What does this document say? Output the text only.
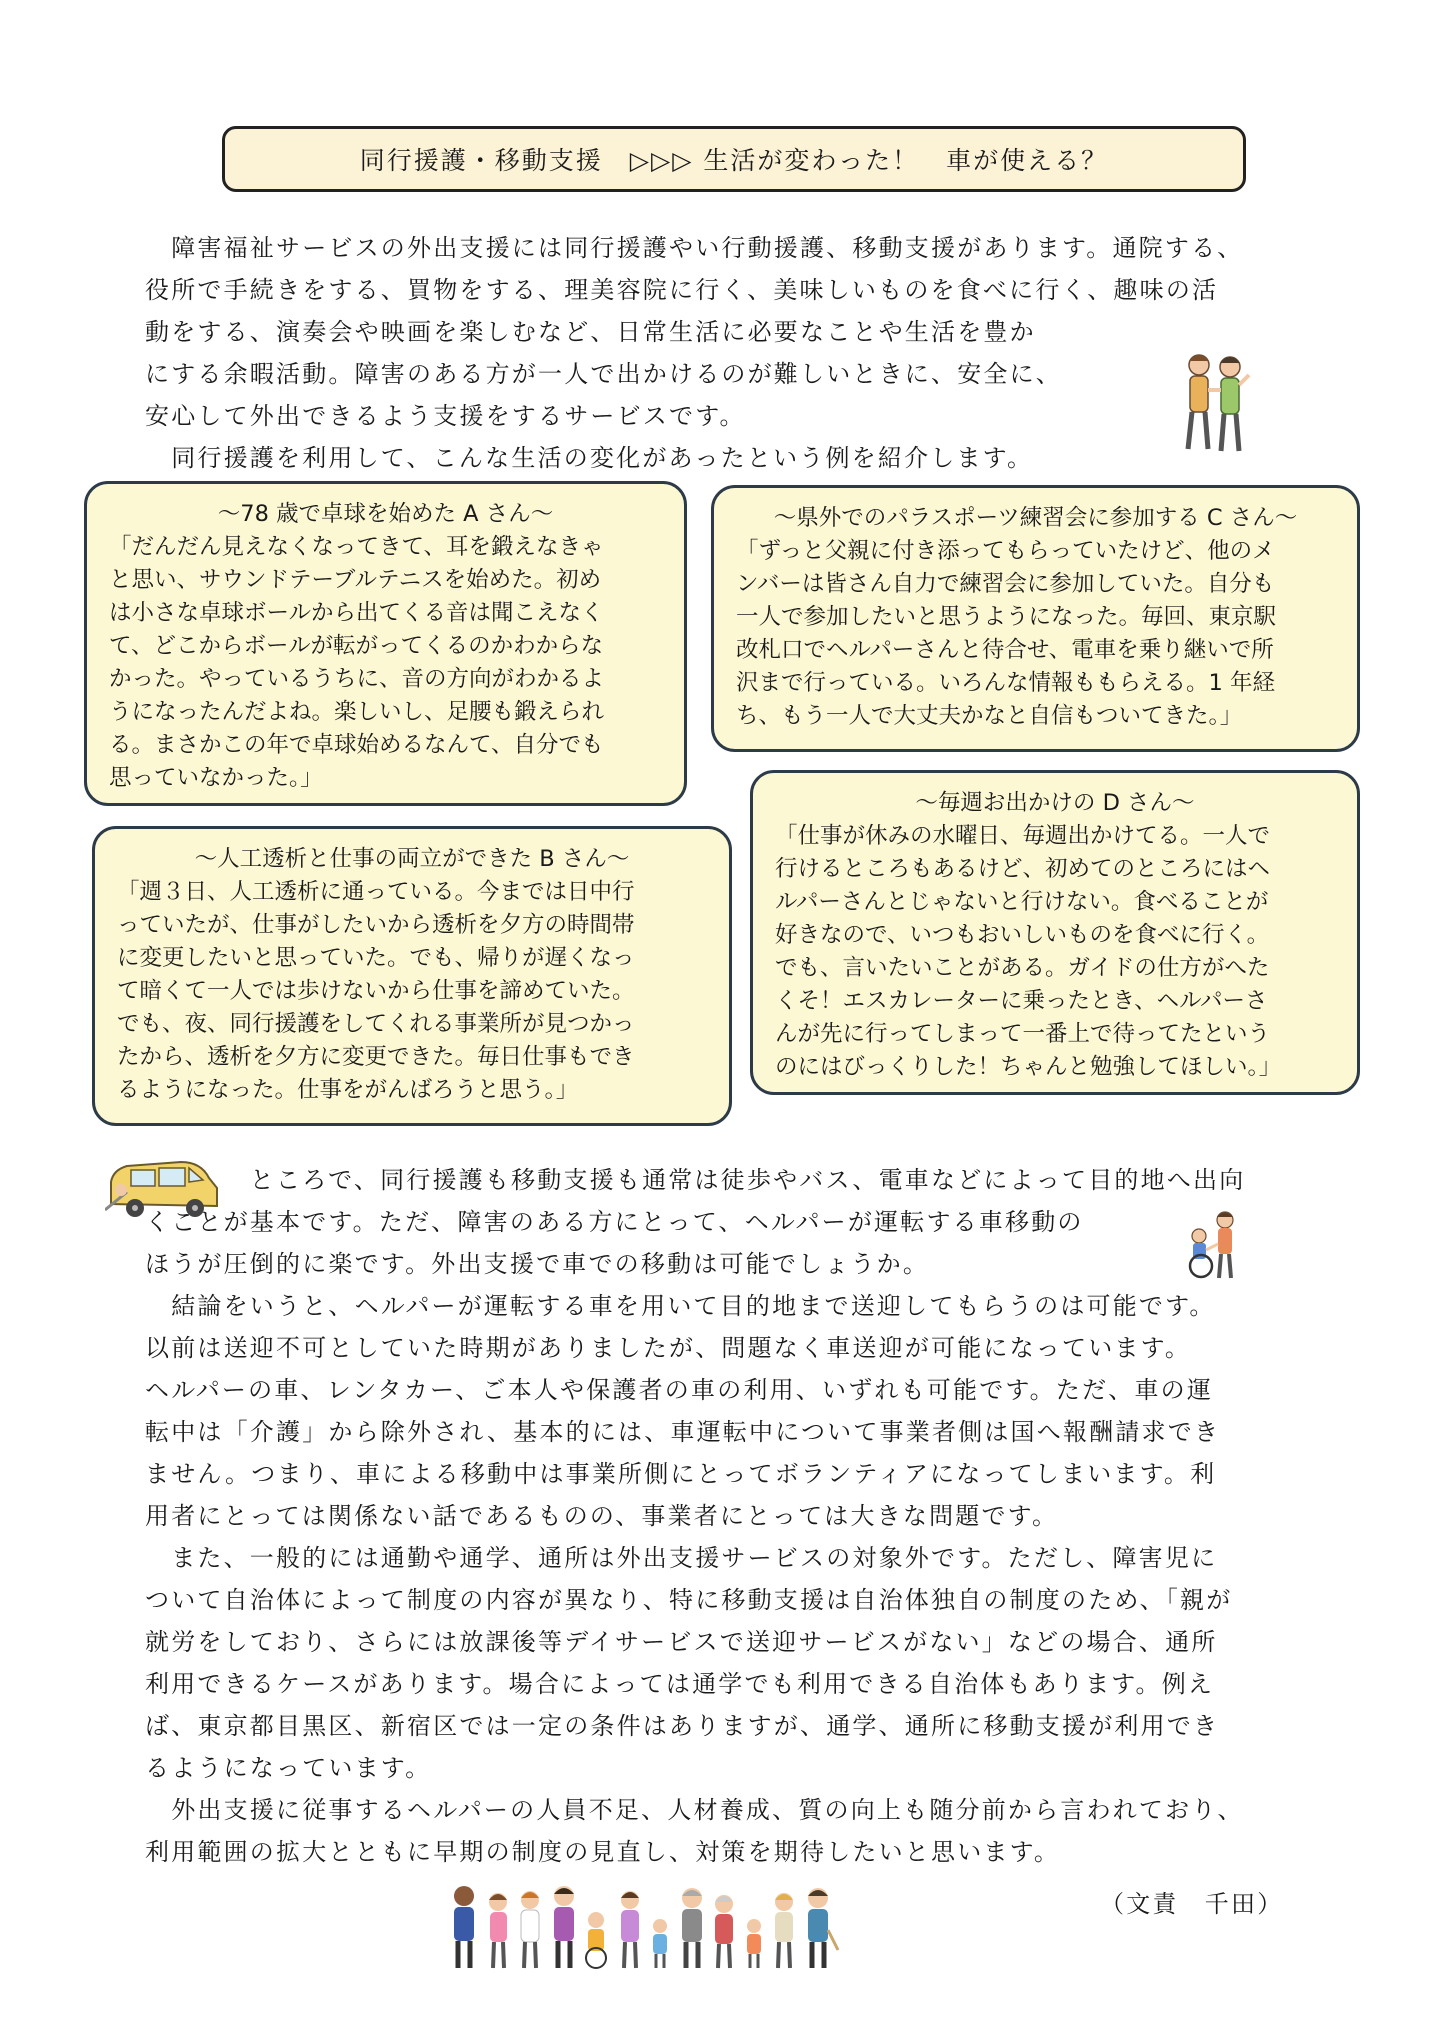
同行援護・移動支援　▷▷▷ 生活が変わった！　車が使える？
　障害福祉サービスの外出支援には同行援護やい行動援護、移動支援があります。通院する、
役所で手続きをする、買物をする、理美容院に行く、美味しいものを食べに行く、趣味の活
動をする、演奏会や映画を楽しむなど、日常生活に必要なことや生活を豊か
にする余暇活動。障害のある方が一人で出かけるのが難しいときに、安全に、
安心して外出できるよう支援をするサービスです。
　同行援護を利用して、こんな生活の変化があったという例を紹介します。
～78 歳で卓球を始めた A さん～
「だんだん見えなくなってきて、耳を鍛えなきゃ
と思い、サウンドテーブルテニスを始めた。初め
は小さな卓球ボールから出てくる音は聞こえなく
て、どこからボールが転がってくるのかわからな
かった。やっているうちに、音の方向がわかるよ
うになったんだよね。楽しいし、足腰も鍛えられ
る。まさかこの年で卓球始めるなんて、自分でも
思っていなかった。」
～県外でのパラスポーツ練習会に参加する C さん～
「ずっと父親に付き添ってもらっていたけど、他のメ
ンバーは皆さん自力で練習会に参加していた。自分も
一人で参加したいと思うようになった。毎回、東京駅
改札口でヘルパーさんと待合せ、電車を乗り継いで所
沢まで行っている。いろんな情報ももらえる。1 年経
ち、もう一人で大丈夫かなと自信もついてきた。」
～毎週お出かけの D さん～
「仕事が休みの水曜日、毎週出かけてる。一人で
行けるところもあるけど、初めてのところにはヘ
ルパーさんとじゃないと行けない。食べることが
好きなので、いつもおいしいものを食べに行く。
でも、言いたいことがある。ガイドの仕方がへた
くそ！エスカレーターに乗ったとき、ヘルパーさ
んが先に行ってしまって一番上で待ってたという
のにはびっくりした！ちゃんと勉強してほしい。」
～人工透析と仕事の両立ができた B さん～
「週３日、人工透析に通っている。今までは日中行
っていたが、仕事がしたいから透析を夕方の時間帯
に変更したいと思っていた。でも、帰りが遅くなっ
て暗くて一人では歩けないから仕事を諦めていた。
でも、夜、同行援護をしてくれる事業所が見つかっ
たから、透析を夕方に変更できた。毎日仕事もでき
るようになった。仕事をがんばろうと思う。」
　　　　ところで、同行援護も移動支援も通常は徒歩やバス、電車などによって目的地へ出向
くことが基本です。ただ、障害のある方にとって、ヘルパーが運転する車移動の
ほうが圧倒的に楽です。外出支援で車での移動は可能でしょうか。
　結論をいうと、ヘルパーが運転する車を用いて目的地まで送迎してもらうのは可能です。
以前は送迎不可としていた時期がありましたが、問題なく車送迎が可能になっています。
ヘルパーの車、レンタカー、ご本人や保護者の車の利用、いずれも可能です。ただ、車の運
転中は「介護」から除外され、基本的には、車運転中について事業者側は国へ報酬請求でき
ません。つまり、車による移動中は事業所側にとってボランティアになってしまいます。利
用者にとっては関係ない話であるものの、事業者にとっては大きな問題です。
　また、一般的には通勤や通学、通所は外出支援サービスの対象外です。ただし、障害児に
ついて自治体によって制度の内容が異なり、特に移動支援は自治体独自の制度のため、「親が
就労をしており、さらには放課後等デイサービスで送迎サービスがない」などの場合、通所
利用できるケースがあります。場合によっては通学でも利用できる自治体もあります。例え
ば、東京都目黒区、新宿区では一定の条件はありますが、通学、通所に移動支援が利用でき
るようになっています。
　外出支援に従事するヘルパーの人員不足、人材養成、質の向上も随分前から言われており、
利用範囲の拡大とともに早期の制度の見直し、対策を期待したいと思います。
（文責　千田）
